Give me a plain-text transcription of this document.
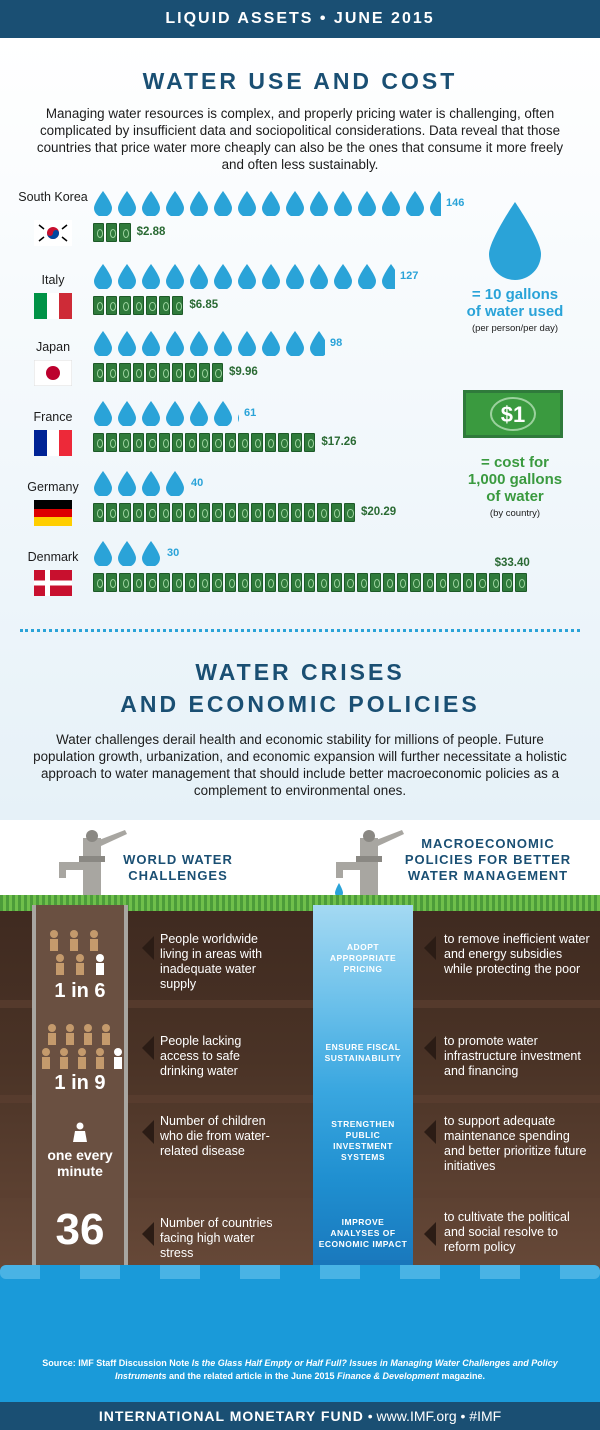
LIQUID ASSETS • JUNE 2015
WATER USE AND COST
Managing water resources is complex, and properly pricing water is challenging, often complicated by insufficient data and sociopolitical considerations. Data reveal that those countries that price water more cheaply can also be the ones that consume it more freely and often less sustainably.
South Korea	146
$2.88
Italy	127
$6.85
Japan	98
$9.96
France	61
$17.26
Germany	40
$20.29
Denmark	30
$33.40
= 10 gallons
of water used
(per person/per day)
$1
= cost for
1,000 gallons
of water
(by country)
WATER CRISES
AND ECONOMIC POLICIES
Water challenges derail health and economic stability for millions of people. Future population growth, urbanization, and economic expansion will further necessitate a holistic approach to water management that should include better macroeconomic policies as a complement to environmental ones.
WORLD WATER
CHALLENGES
MACROECONOMIC
POLICIES FOR BETTER
WATER MANAGEMENT
1 in 6
1 in 9
one every minute
36
People worldwide living in areas with inadequate water supply
People lacking access to safe drinking water
Number of children who die from water-related disease
Number of countries facing high water stress
ADOPT APPROPRIATE PRICING
ENSURE FISCAL SUSTAINABILITY
STRENGTHEN PUBLIC INVESTMENT SYSTEMS
IMPROVE ANALYSES OF ECONOMIC IMPACT
to remove inefficient water and energy subsidies while protecting the poor
to promote water infrastructure investment and financing
to support adequate maintenance spending and better prioritize future initiatives
to cultivate the political and social resolve to reform policy
Source: IMF Staff Discussion Note Is the Glass Half Empty or Half Full? Issues in Managing Water Challenges and Policy Instruments and the related article in the June 2015 Finance & Development magazine.
INTERNATIONAL MONETARY FUND • www.IMF.org • #IMF
